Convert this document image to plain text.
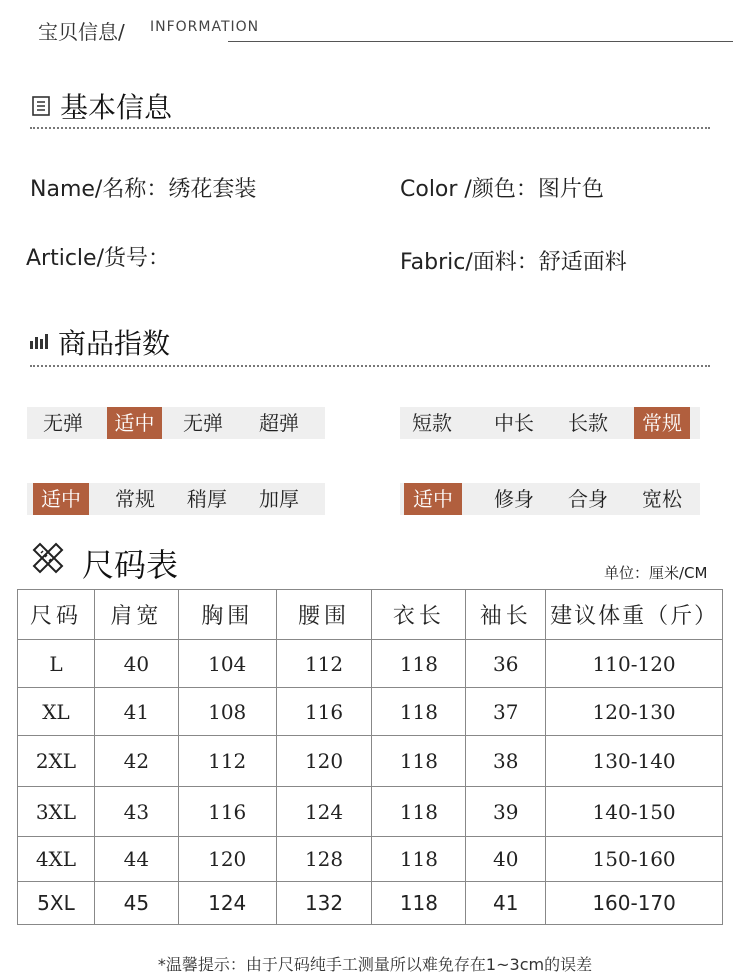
宝贝信息/ INFORMATION
基本信息
Name/名称：绣花套装	Color /颜色：图片色
Article/货号：	Fabric/面料：舒适面料
商品指数
无弹	适中	无弹	超弹	短款	中长	长款	常规
适中	常规	稍厚	加厚	适中	修身	合身	宽松
尺码表	单位：厘米/CM
尺码	肩宽	胸围	腰围	衣长	袖长	建议体重（斤）
L	40	104	112	118	36	110-120
XL	41	108	116	118	37	120-130
2XL	42	112	120	118	38	130-140
3XL	43	116	124	118	39	140-150
4XL	44	120	128	118	40	150-160
5XL	45	124	132	118	41	160-170
*温馨提示：由于尺码纯手工测量所以难免存在1~3cm的误差
